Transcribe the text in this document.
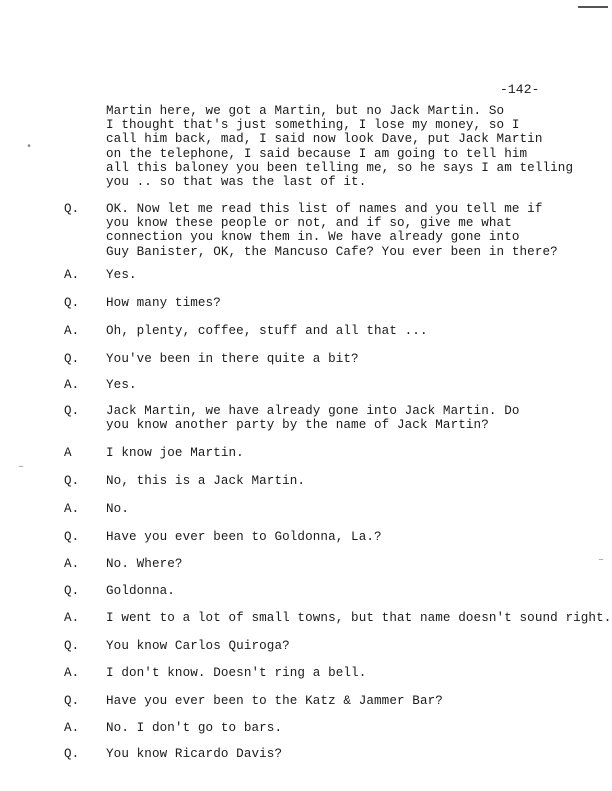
-142-
•
–
–
Martin here, we got a Martin, but no Jack Martin. So
I thought that's just something, I lose my money, so I
call him back, mad, I said now look Dave, put Jack Martin
on the telephone, I said because I am going to tell him
all this baloney you been telling me, so he says I am telling
you .. so that was the last of it.
Q.	OK. Now let me read this list of names and you tell me if
you know these people or not, and if so, give me what
connection you know them in. We have already gone into
Guy Banister, OK, the Mancuso Cafe? You ever been in there?
A.	Yes.
Q.	How many times?
A.	Oh, plenty, coffee, stuff and all that ...
Q.	You've been in there quite a bit?
A.	Yes.
Q.	Jack Martin, we have already gone into Jack Martin. Do
you know another party by the name of Jack Martin?
A	I know joe Martin.
Q.	No, this is a Jack Martin.
A.	No.
Q.	Have you ever been to Goldonna, La.?
A.	No. Where?
Q.	Goldonna.
A.	I went to a lot of small towns, but that name doesn't sound right.
Q.	You know Carlos Quiroga?
A.	I don't know. Doesn't ring a bell.
Q.	Have you ever been to the Katz & Jammer Bar?
A.	No. I don't go to bars.
Q.	You know Ricardo Davis?
